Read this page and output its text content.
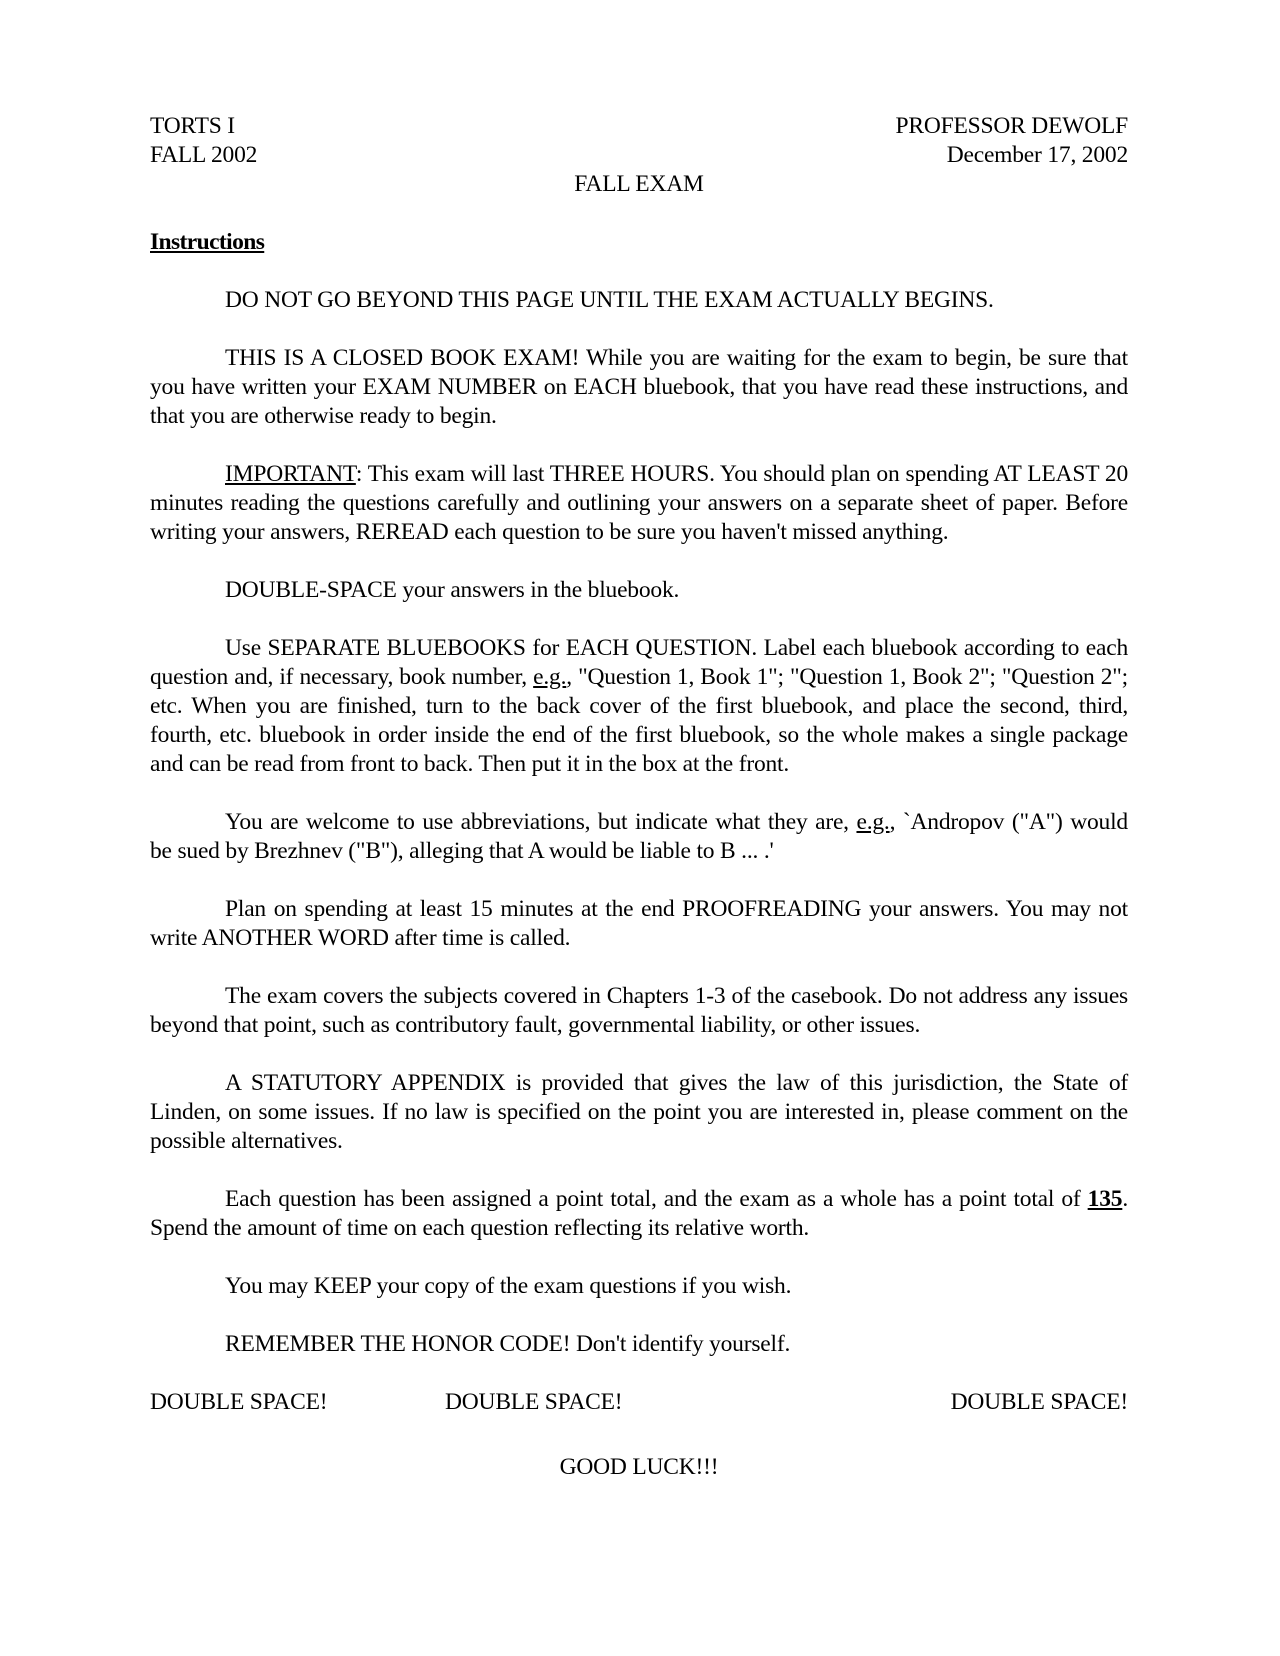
TORTS I	PROFESSOR DEWOLF
FALL 2002	December 17, 2002
FALL EXAM
Instructions

DO NOT GO BEYOND THIS PAGE UNTIL THE EXAM ACTUALLY BEGINS.

THIS IS A CLOSED BOOK EXAM! While you are waiting for the exam to begin, be sure that you have written your EXAM NUMBER on EACH bluebook, that you have read these instructions, and that you are otherwise ready to begin.

IMPORTANT: This exam will last THREE HOURS. You should plan on spending AT LEAST 20 minutes reading the questions carefully and outlining your answers on a separate sheet of paper. Before writing your answers, REREAD each question to be sure you haven't missed anything.

DOUBLE-SPACE your answers in the bluebook.

Use SEPARATE BLUEBOOKS for EACH QUESTION. Label each bluebook according to each question and, if necessary, book number, e.g., "Question 1, Book 1"; "Question 1, Book 2"; "Question 2"; etc. When you are finished, turn to the back cover of the first bluebook, and place the second, third, fourth, etc. bluebook in order inside the end of the first bluebook, so the whole makes a single package and can be read from front to back. Then put it in the box at the front.

You are welcome to use abbreviations, but indicate what they are, e.g., `Andropov ("A") would be sued by Brezhnev ("B"), alleging that A would be liable to B ... .'

Plan on spending at least 15 minutes at the end PROOFREADING your answers. You may not write ANOTHER WORD after time is called.

The exam covers the subjects covered in Chapters 1-3 of the casebook. Do not address any issues beyond that point, such as contributory fault, governmental liability, or other issues.

A STATUTORY APPENDIX is provided that gives the law of this jurisdiction, the State of Linden, on some issues. If no law is specified on the point you are interested in, please comment on the possible alternatives.

Each question has been assigned a point total, and the exam as a whole has a point total of 135. Spend the amount of time on each question reflecting its relative worth.

You may KEEP your copy of the exam questions if you wish.

REMEMBER THE HONOR CODE! Don't identify yourself.

DOUBLE SPACE!	DOUBLE SPACE!	DOUBLE SPACE!
GOOD LUCK!!!
